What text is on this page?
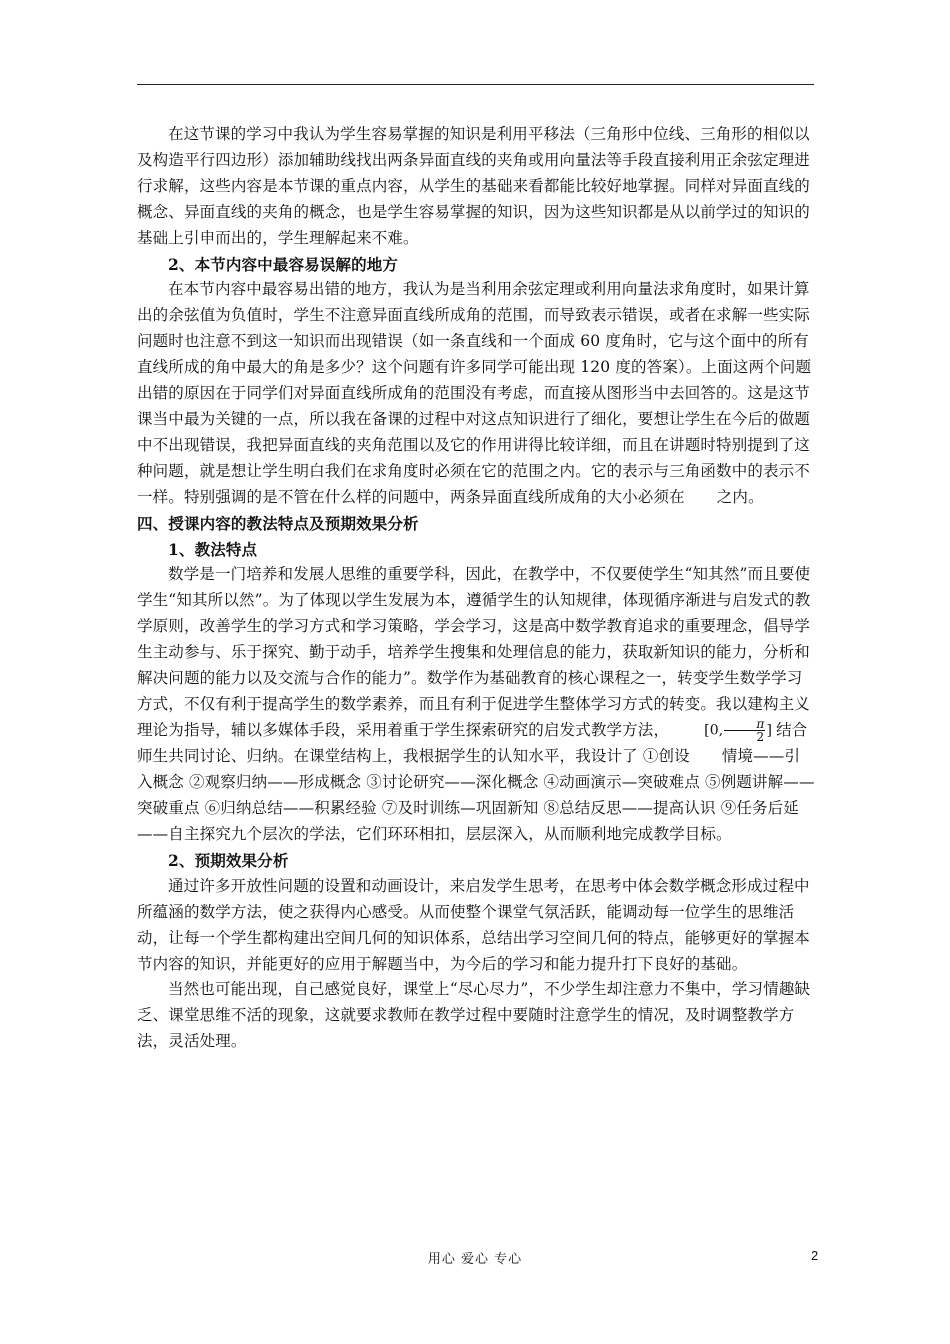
在这节课的学习中我认为学生容易掌握的知识是利用平移法（三角形中位线、三角形的相似以及构造平行四边形）添加辅助线找出两条异面直线的夹角或用向量法等手段直接利用正余弦定理进行求解，这些内容是本节课的重点内容，从学生的基础来看都能比较好地掌握。同样对异面直线的概念、异面直线的夹角的概念，也是学生容易掌握的知识，因为这些知识都是从以前学过的知识的基础上引申而出的，学生理解起来不难。

2、本节内容中最容易误解的地方

在本节内容中最容易出错的地方，我认为是当利用余弦定理或利用向量法求角度时，如果计算出的余弦值为负值时，学生不注意异面直线所成角的范围，而导致表示错误，或者在求解一些实际问题时也注意不到这一知识而出现错误（如一条直线和一个面成 60 度角时，它与这个面中的所有直线所成的角中最大的角是多少？这个问题有许多同学可能出现 120 度的答案）。上面这两个问题出错的原因在于同学们对异面直线所成角的范围没有考虑，而直接从图形当中去回答的。这是这节课当中最为关键的一点，所以我在备课的过程中对这点知识进行了细化，要想让学生在今后的做题中不出现错误，我把异面直线的夹角范围以及它的作用讲得比较详细，而且在讲题时特别提到了这种问题，就是想让学生明白我们在求角度时必须在它的范围之内。它的表示与三角函数中的表示不一样。特别强调的是不管在什么样的问题中，两条异面直线所成角的大小必须在 之内。

四、授课内容的教法特点及预期效果分析
1、教法特点

数学是一门培养和发展人思维的重要学科，因此，在教学中，不仅要使学生“知其然”而且要使学生“知其所以然”。为了体现以学生发展为本，遵循学生的认知规律，体现循序渐进与启发式的教学原则，改善学生的学习方式和学习策略，学会学习，这是高中数学教育追求的重要理念，倡导学生主动参与、乐于探究、勤于动手，培养学生搜集和处理信息的能力，获取新知识的能力，分析和解决问题的能力以及交流与合作的能力”。数学作为基础教育的核心课程之一，转变学生数学学习方式，不仅有利于提高学生的数学素养，而且有利于促进学生整体学习方式的转变。我以建构主义理论为指导，辅以多媒体手段，采用着重于学生探索研究的启发式教学方法，	[0, $\frac{\pi}{2}$ ] 结合师生共同讨论、归纳。在课堂结构上，我根据学生的认知水平，我设计了 ①创设 情境——引入概念 ②观察归纳——形成概念 ③讨论研究——深化概念 ④动画演示—突破难点 ⑤例题讲解——突破重点 ⑥归纳总结——积累经验 ⑦及时训练—巩固新知 ⑧总结反思——提高认识 ⑨任务后延——自主探究九个层次的学法，它们环环相扣，层层深入，从而顺利地完成教学目标。

2、预期效果分析

通过许多开放性问题的设置和动画设计，来启发学生思考，在思考中体会数学概念形成过程中所蕴涵的数学方法，使之获得内心感受。从而使整个课堂气氛活跃，能调动每一位学生的思维活动，让每一个学生都构建出空间几何的知识体系，总结出学习空间几何的特点，能够更好的掌握本节内容的知识，并能更好的应用于解题当中，为今后的学习和能力提升打下良好的基础。

当然也可能出现，自己感觉良好，课堂上“尽心尽力”，不少学生却注意力不集中，学习情趣缺乏、课堂思维不活的现象，这就要求教师在教学过程中要随时注意学生的情况，及时调整教学方法，灵活处理。

用心 爱心 专心	2
